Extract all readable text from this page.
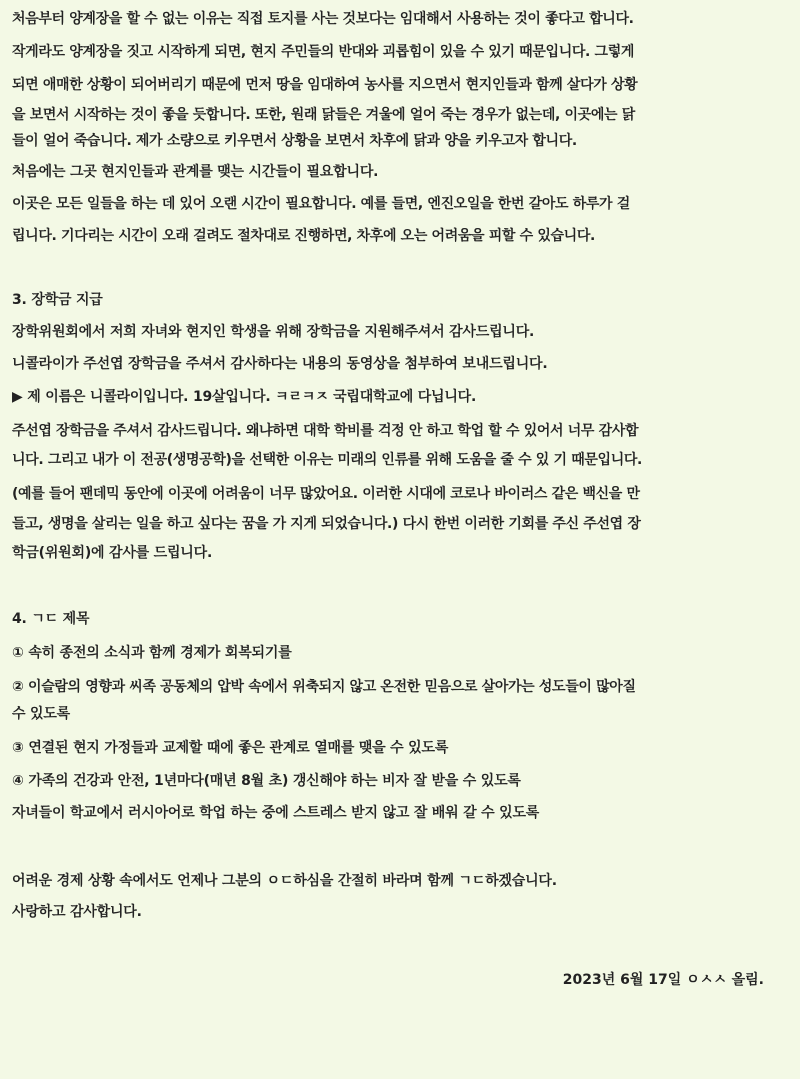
처음부터 양계장을 할 수 없는 이유는 직접 토지를 사는 것보다는 임대해서 사용하는 것이 좋다고 합니다.
작게라도 양계장을 짓고 시작하게 되면, 현지 주민들의 반대와 괴롭힘이 있을 수 있기 때문입니다. 그렇게
되면 애매한 상황이 되어버리기 때문에 먼저 땅을 임대하여 농사를 지으면서 현지인들과 함께 살다가 상황
을 보면서 시작하는 것이 좋을 듯합니다. 또한, 원래 닭들은 겨울에 얼어 죽는 경우가 없는데, 이곳에는 닭
들이 얼어 죽습니다. 제가 소량으로 키우면서 상황을 보면서 차후에 닭과 양을 키우고자 합니다.
처음에는 그곳 현지인들과 관계를 맺는 시간들이 필요합니다.
이곳은 모든 일들을 하는 데 있어 오랜 시간이 필요합니다. 예를 들면, 엔진오일을 한번 갈아도 하루가 걸
립니다. 기다리는 시간이 오래 걸려도 절차대로 진행하면, 차후에 오는 어려움을 피할 수 있습니다.
3. 장학금 지급
장학위원회에서 저희 자녀와 현지인 학생을 위해 장학금을 지원해주셔서 감사드립니다.
니콜라이가 주선엽 장학금을 주셔서 감사하다는 내용의 동영상을 첨부하여 보내드립니다.
▶ 제 이름은 니콜라이입니다. 19살입니다. ㅋㄹㅋㅈ 국립대학교에 다닙니다.
주선엽 장학금을 주셔서 감사드립니다. 왜냐하면 대학 학비를 걱정 안 하고 학업 할 수 있어서 너무 감사합
니다. 그리고 내가 이 전공(생명공학)을 선택한 이유는 미래의 인류를 위해 도움을 줄 수 있 기 때문입니다.
(예를 들어 팬데믹 동안에 이곳에 어려움이 너무 많았어요. 이러한 시대에 코로나 바이러스 같은 백신을 만
들고, 생명을 살리는 일을 하고 싶다는 꿈을 가 지게 되었습니다.) 다시 한번 이러한 기회를 주신 주선엽 장
학금(위원회)에 감사를 드립니다.
4. ㄱㄷ 제목
① 속히 종전의 소식과 함께 경제가 회복되기를
② 이슬람의 영향과 씨족 공동체의 압박 속에서 위축되지 않고 온전한 믿음으로 살아가는 성도들이 많아질
수 있도록
③ 연결된 현지 가정들과 교제할 때에 좋은 관계로 열매를 맺을 수 있도록
④ 가족의 건강과 안전, 1년마다(매년 8월 초) 갱신해야 하는 비자 잘 받을 수 있도록
자녀들이 학교에서 러시아어로 학업 하는 중에 스트레스 받지 않고 잘 배워 갈 수 있도록
어려운 경제 상황 속에서도 언제나 그분의 ㅇㄷ하심을 간절히 바라며 함께 ㄱㄷ하겠습니다.
사랑하고 감사합니다.
2023년 6월 17일 ㅇㅅㅅ 올림.
